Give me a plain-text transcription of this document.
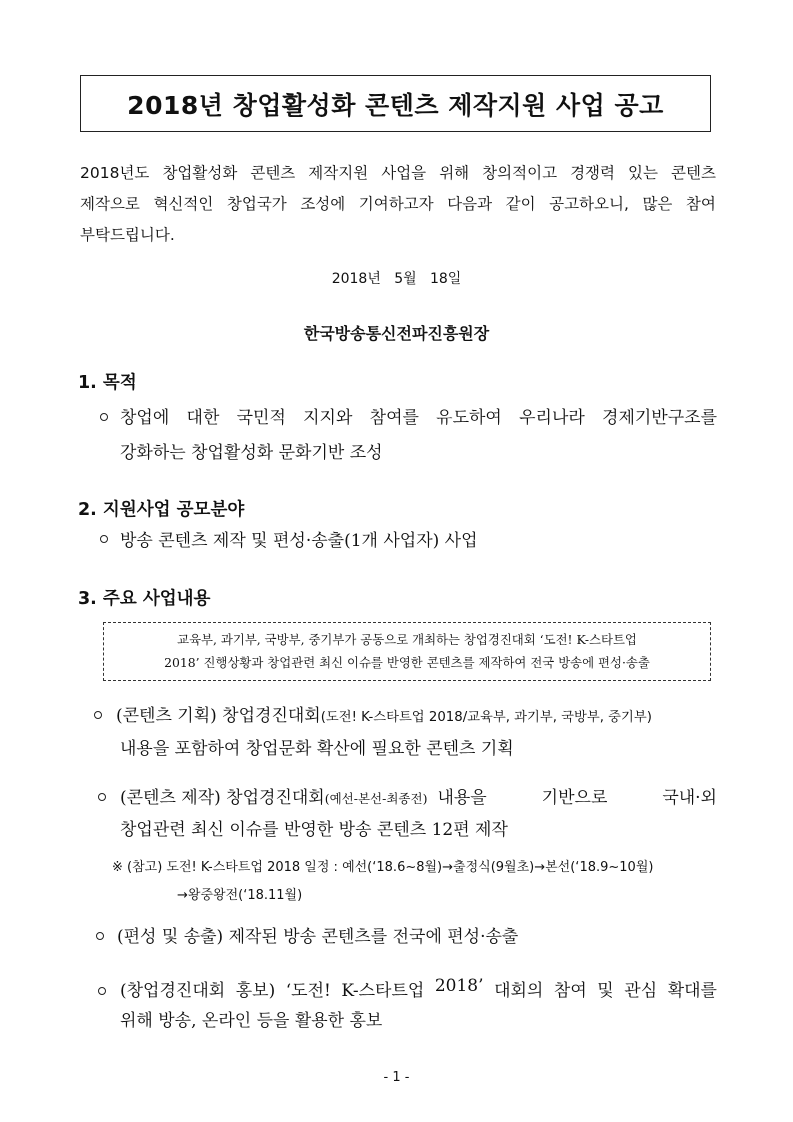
2018년 창업활성화 콘텐츠 제작지원 사업 공고
2018년도 창업활성화 콘텐츠 제작지원 사업을 위해 창의적이고 경쟁력 있는 콘텐츠
제작으로 혁신적인 창업국가 조성에 기여하고자 다음과 같이 공고하오니, 많은 참여
부탁드립니다.
2018년   5월   18일
한국방송통신전파진흥원장
1. 목적
창업에 대한 국민적 지지와 참여를 유도하여 우리나라 경제기반구조를
강화하는 창업활성화 문화기반 조성
2. 지원사업 공모분야
방송 콘텐츠 제작 및 편성·송출(1개 사업자) 사업
3. 주요 사업내용
교육부, 과기부, 국방부, 중기부가 공동으로 개최하는 창업경진대회 ‘도전! K-스타트업
2018’ 진행상황과 창업관련 최신 이슈를 반영한 콘텐츠를 제작하여 전국 방송에 편성·송출
(콘텐츠 기획) 창업경진대회 (도전! K-스타트업 2018/교육부, 과기부, 국방부, 중기부)
내용을 포함하여 창업문화 확산에 필요한 콘텐츠 기획
(콘텐츠 제작) 창업경진대회 (예선-본선-최종전) 내용을	기반으로	국내·외
창업관련 최신 이슈를 반영한 방송 콘텐츠 12편 제작
※ (참고) 도전! K-스타트업 2018 일정 : 예선(‘18.6~8월)→출정식(9월초)→본선(‘18.9~10월)
→왕중왕전(‘18.11월)
(편성 및 송출) 제작된 방송 콘텐츠를 전국에 편성·송출
(창업경진대회 홍보) ‘도전! K-스타트업 2018’ 대회의 참여 및 관심 확대를
위해 방송, 온라인 등을 활용한 홍보
- 1 -
